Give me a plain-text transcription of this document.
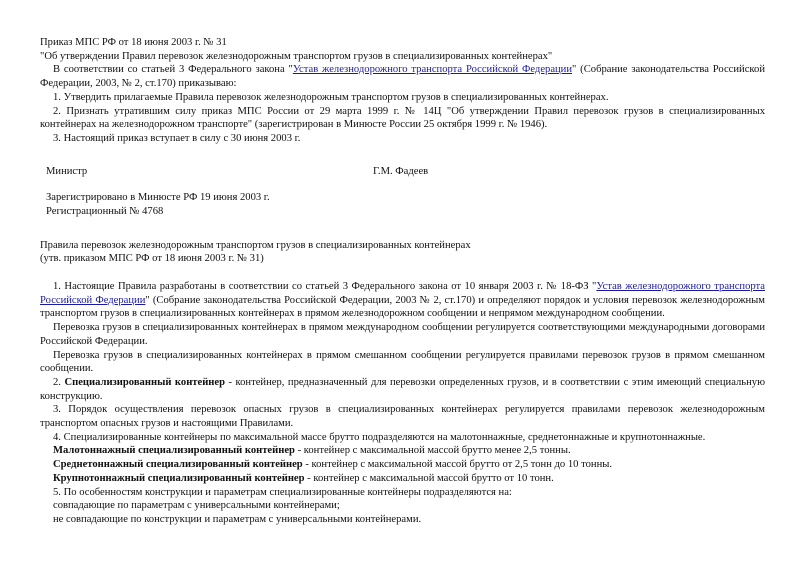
Приказ МПС РФ от 18 июня 2003 г. № 31

"Об утверждении Правил перевозок железнодорожным транспортом грузов в специализированных контейнерах"

В соответствии со статьей 3 Федерального закона "Устав железнодорожного транспорта Российской Федерации" (Собрание законодательства Российской Федерации, 2003, № 2, ст.170) приказываю:

1. Утвердить прилагаемые Правила перевозок железнодорожным транспортом грузов в специализированных контейнерах.

2. Признать утратившим силу приказ МПС России от 29 марта 1999 г. № 14Ц "Об утверждении Правил перевозок грузов в специализированных контейнерах на железнодорожном транспорте" (зарегистрирован в Минюсте России 25 октября 1999 г. № 1946).

3. Настоящий приказ вступает в силу с 30 июня 2003 г.

Министр	Г.М. Фадеев
Зарегистрировано в Минюсте РФ 19 июня 2003 г.
Регистрационный № 4768

Правила перевозок железнодорожным транспортом грузов в специализированных контейнерах

(утв. приказом МПС РФ от 18 июня 2003 г. № 31)

1. Настоящие Правила разработаны в соответствии со статьей 3 Федерального закона от 10 января 2003 г. № 18-ФЗ "Устав железнодорожного транспорта Российской Федерации" (Собрание законодательства Российской Федерации, 2003 № 2, ст.170) и определяют порядок и условия перевозок железнодорожным транспортом грузов в специализированных контейнерах в прямом железнодорожном сообщении и непрямом международном сообщении.

Перевозка грузов в специализированных контейнерах в прямом международном сообщении регулируется соответствующими международными договорами Российской Федерации.

Перевозка грузов в специализированных контейнерах в прямом смешанном сообщении регулируется правилами перевозок грузов в прямом смешанном сообщении.

2. Специализированный контейнер - контейнер, предназначенный для перевозки определенных грузов, и в соответствии с этим имеющий специальную конструкцию.

3. Порядок осуществления перевозок опасных грузов в специализированных контейнерах регулируется правилами перевозок железнодорожным транспортом опасных грузов и настоящими Правилами.

4. Специализированные контейнеры по максимальной массе брутто подразделяются на малотоннажные, среднетоннажные и крупнотоннажные.

Малотоннажный специализированный контейнер - контейнер с максимальной массой брутто менее 2,5 тонны.

Среднетоннажный специализированный контейнер - контейнер с максимальной массой брутто от 2,5 тонн до 10 тонны.

Крупнотоннажный специализированный контейнер - контейнер с максимальной массой брутто от 10 тонн.

5. По особенностям конструкции и параметрам специализированные контейнеры подразделяются на:

совпадающие по параметрам с универсальными контейнерами;

не совпадающие по конструкции и параметрам с универсальными контейнерами.
